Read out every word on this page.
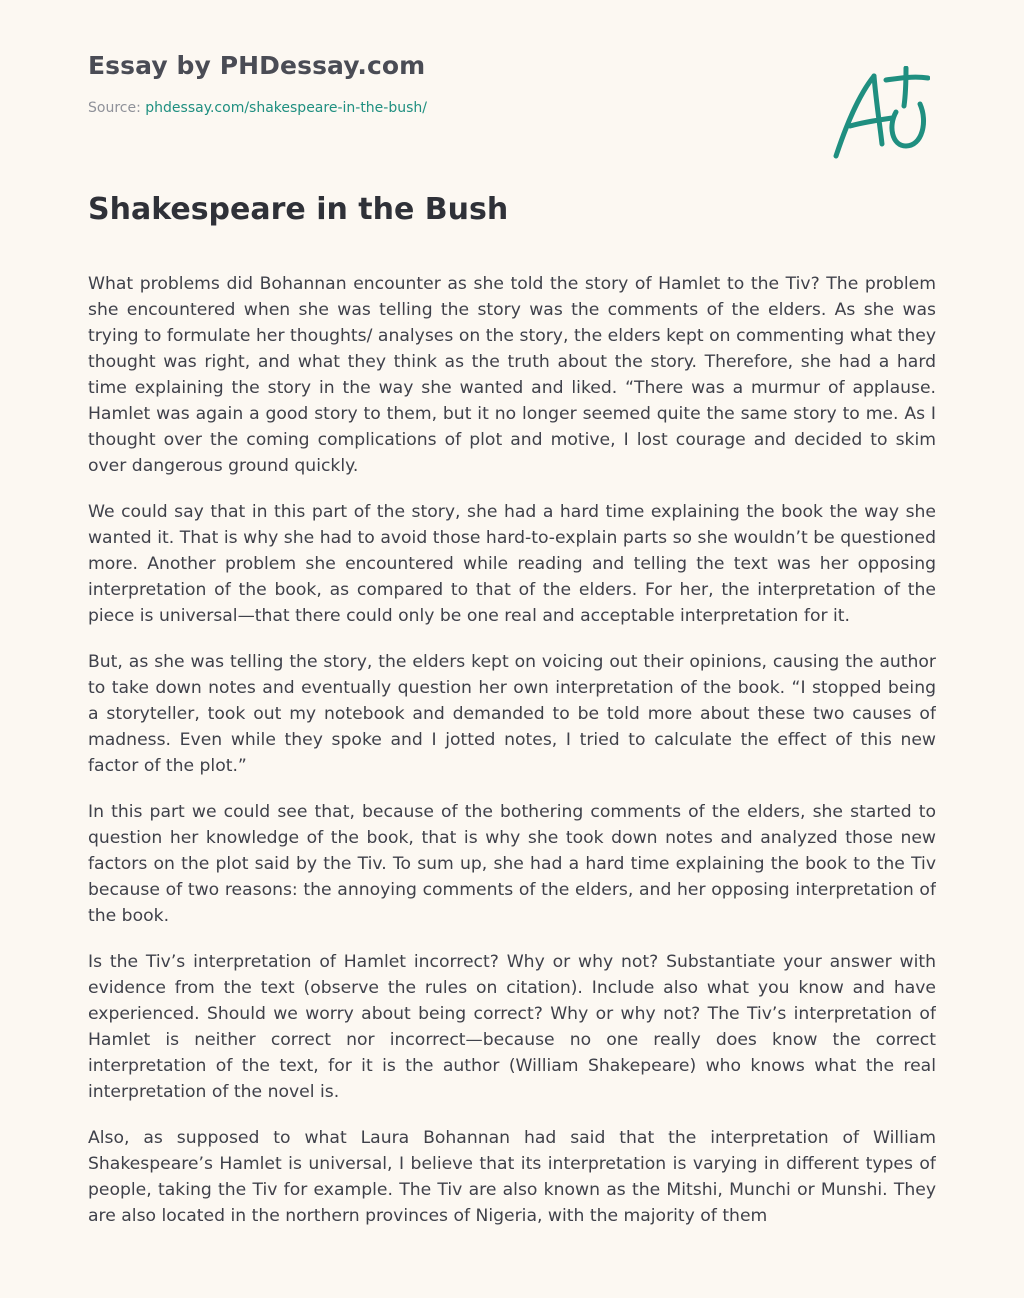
Essay by PHDessay.com
Source: phdessay.com/shakespeare-in-the-bush/
Shakespeare in the Bush

What problems did Bohannan encounter as she told the story of Hamlet to the Tiv? The problem she encountered when she was telling the story was the comments of the elders. As she was trying to formulate her thoughts/ analyses on the story, the elders kept on commenting what they thought was right, and what they think as the truth about the story. Therefore, she had a hard time explaining the story in the way she wanted and liked. “There was a murmur of applause. Hamlet was again a good story to them, but it no longer seemed quite the same story to me. As I thought over the coming complications of plot and motive, I lost courage and decided to skim over dangerous ground quickly.

We could say that in this part of the story, she had a hard time explaining the book the way she wanted it. That is why she had to avoid those hard-to-explain parts so she wouldn’t be questioned more. Another problem she encountered while reading and telling the text was her opposing interpretation of the book, as compared to that of the elders. For her, the interpretation of the piece is universal—that there could only be one real and acceptable interpretation for it.

But, as she was telling the story, the elders kept on voicing out their opinions, causing the author to take down notes and eventually question her own interpretation of the book. “I stopped being a storyteller, took out my notebook and demanded to be told more about these two causes of madness. Even while they spoke and I jotted notes, I tried to calculate the effect of this new factor of the plot.”

In this part we could see that, because of the bothering comments of the elders, she started to question her knowledge of the book, that is why she took down notes and analyzed those new factors on the plot said by the Tiv. To sum up, she had a hard time explaining the book to the Tiv because of two reasons: the annoying comments of the elders, and her opposing interpretation of the book.

Is the Tiv’s interpretation of Hamlet incorrect? Why or why not? Substantiate your answer with evidence from the text (observe the rules on citation). Include also what you know and have experienced. Should we worry about being correct? Why or why not? The Tiv’s interpretation of Hamlet is neither correct nor incorrect—because no one really does know the correct interpretation of the text, for it is the author (William Shakepeare) who knows what the real interpretation of the novel is.

Also, as supposed to what Laura Bohannan had said that the interpretation of William Shakespeare’s Hamlet is universal, I believe that its interpretation is varying in different types of people, taking the Tiv for example. The Tiv are also known as the Mitshi, Munchi or Munshi. They are also located in the northern provinces of Nigeria, with the majority of them
